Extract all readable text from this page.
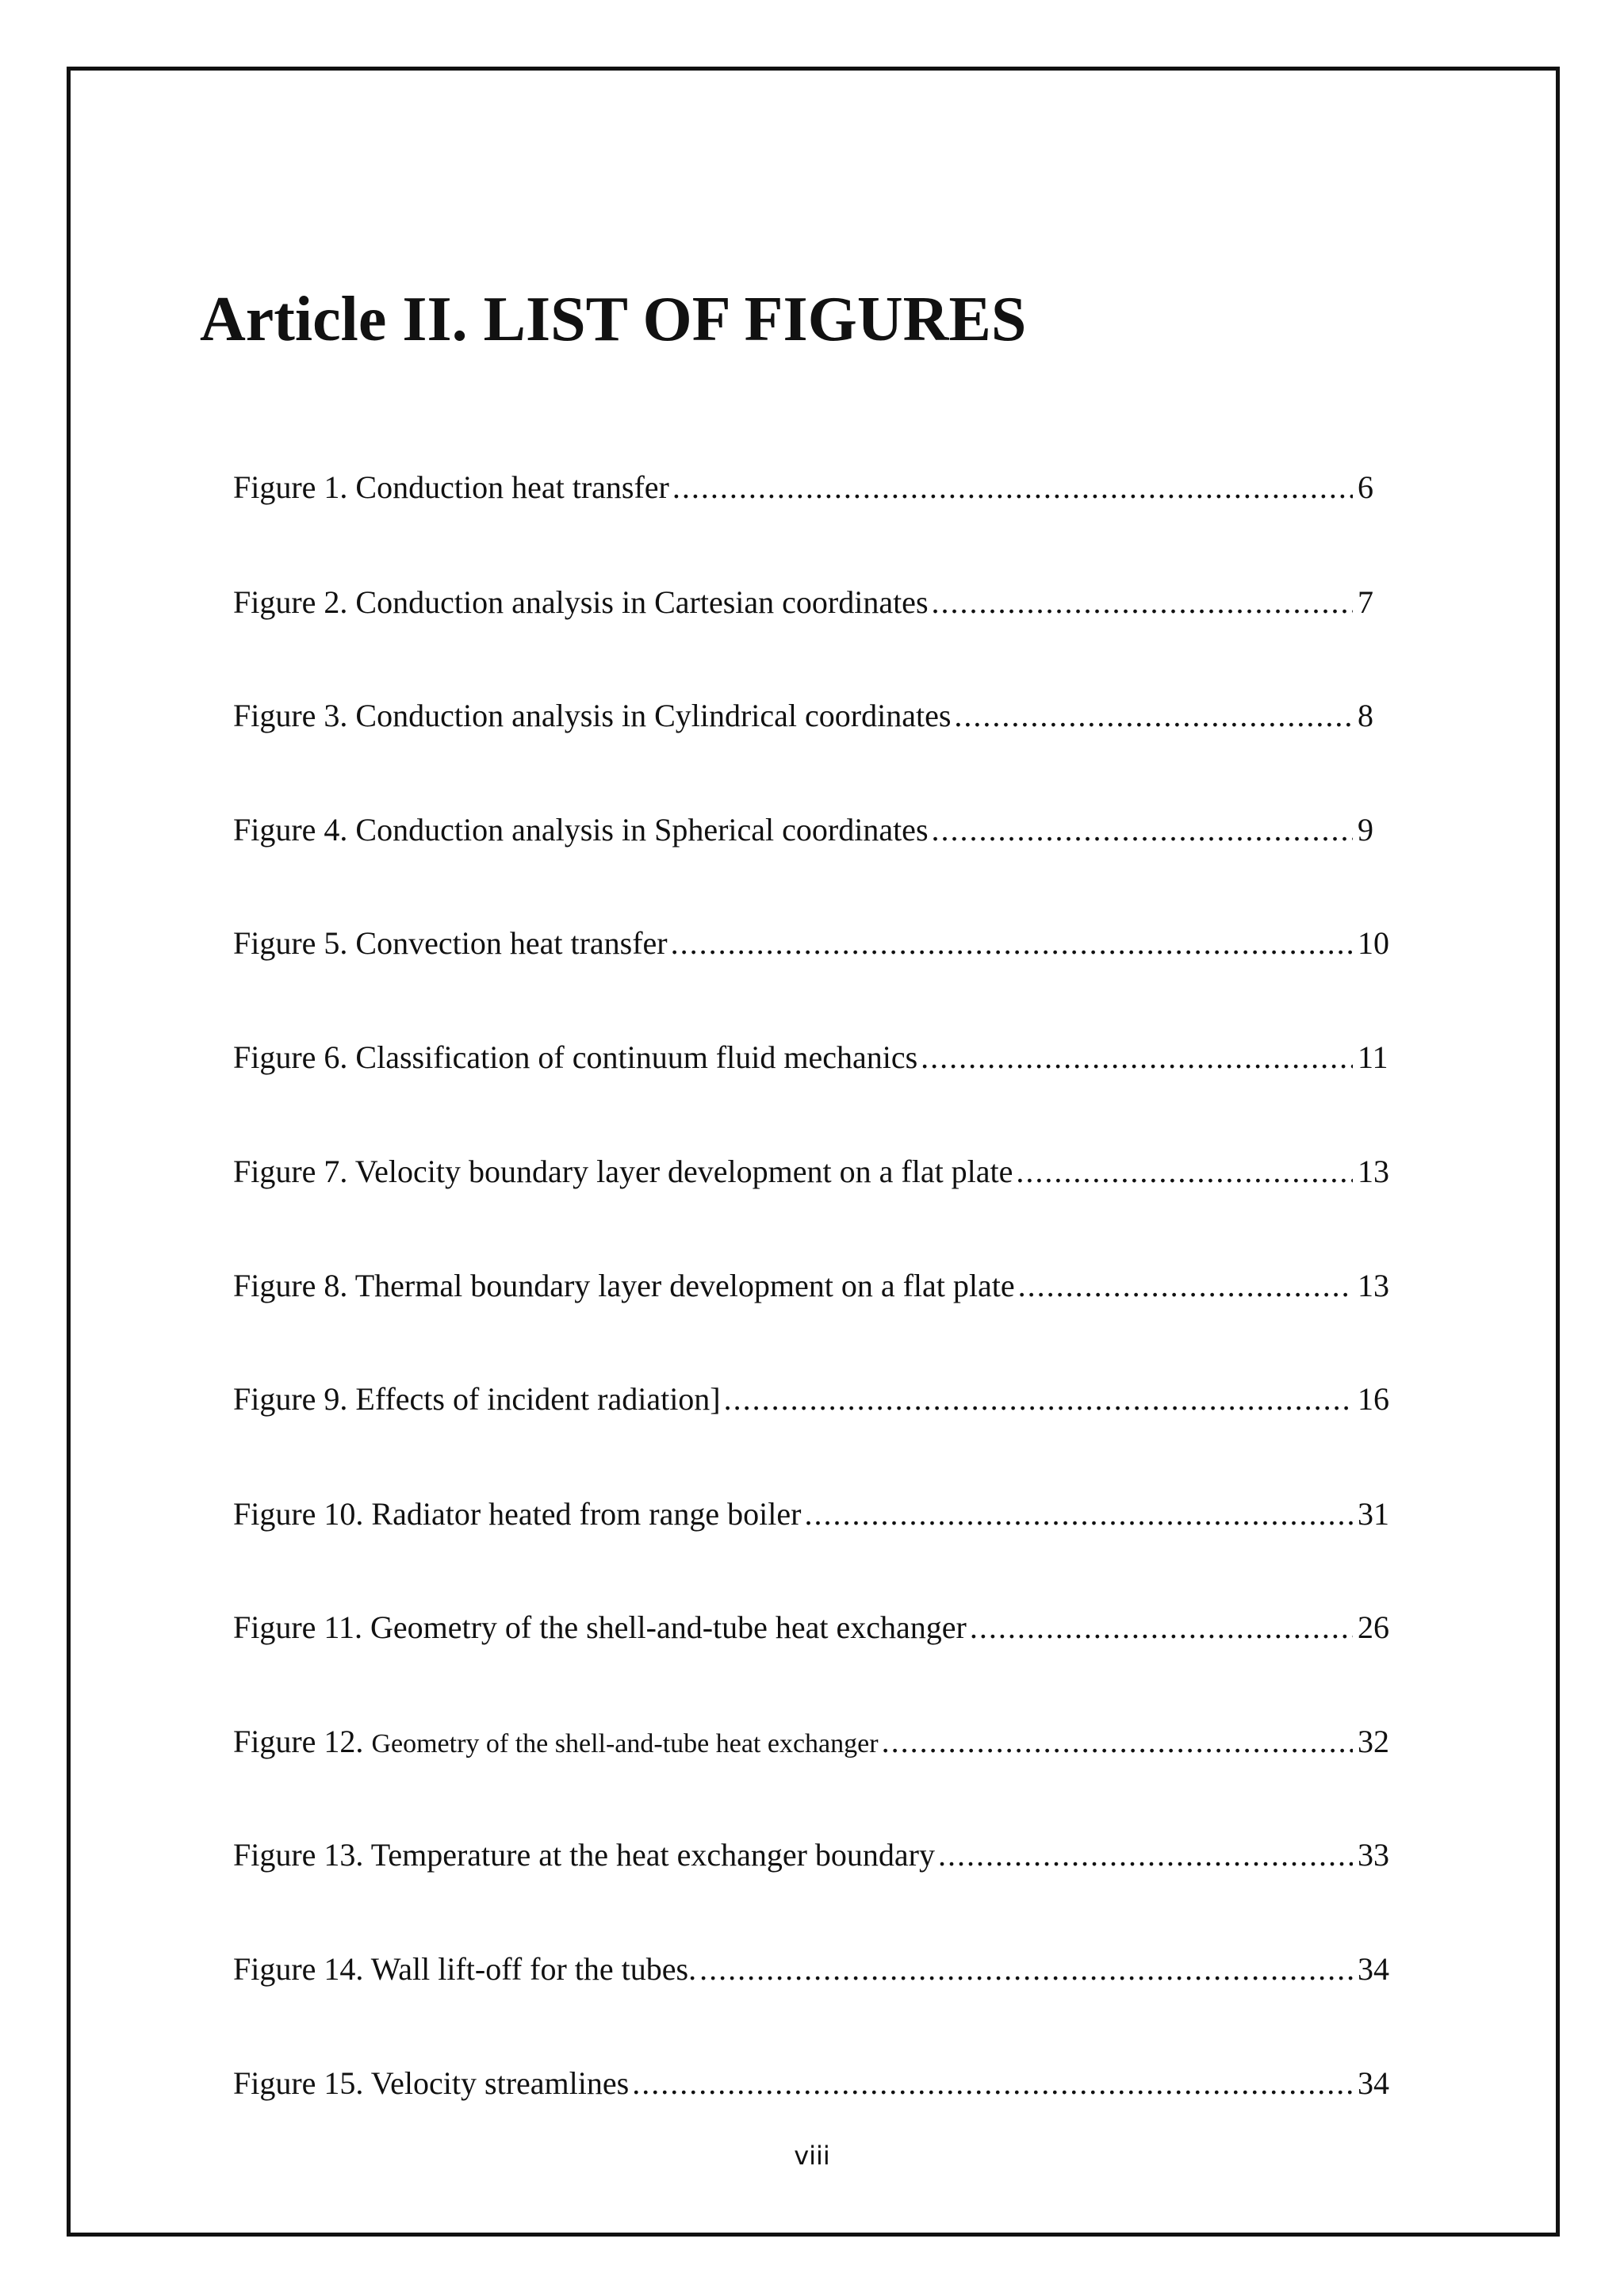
Article II. LIST OF FIGURES
Figure 1. Conduction heat transfer .....	6
Figure 2. Conduction analysis in Cartesian coordinates .....	7
Figure 3. Conduction analysis in Cylindrical coordinates .....	8
Figure 4. Conduction analysis in Spherical coordinates .....	9
Figure 5. Convection heat transfer .....	10
Figure 6. Classification of continuum fluid mechanics .....	11
Figure 7. Velocity boundary layer development on a flat plate .....	13
Figure 8. Thermal boundary layer development on a flat plate .....	13
Figure 9. Effects of incident radiation] .....	16
Figure 10. Radiator heated from range boiler .....	31
Figure 11. Geometry of the shell-and-tube heat exchanger .....	26
Figure 12. Geometry of the shell-and-tube heat exchanger .....	32
Figure 13. Temperature at the heat exchanger boundary .....	33
Figure 14. Wall lift-off for the tubes. .....	34
Figure 15. Velocity streamlines .....	34
viii
